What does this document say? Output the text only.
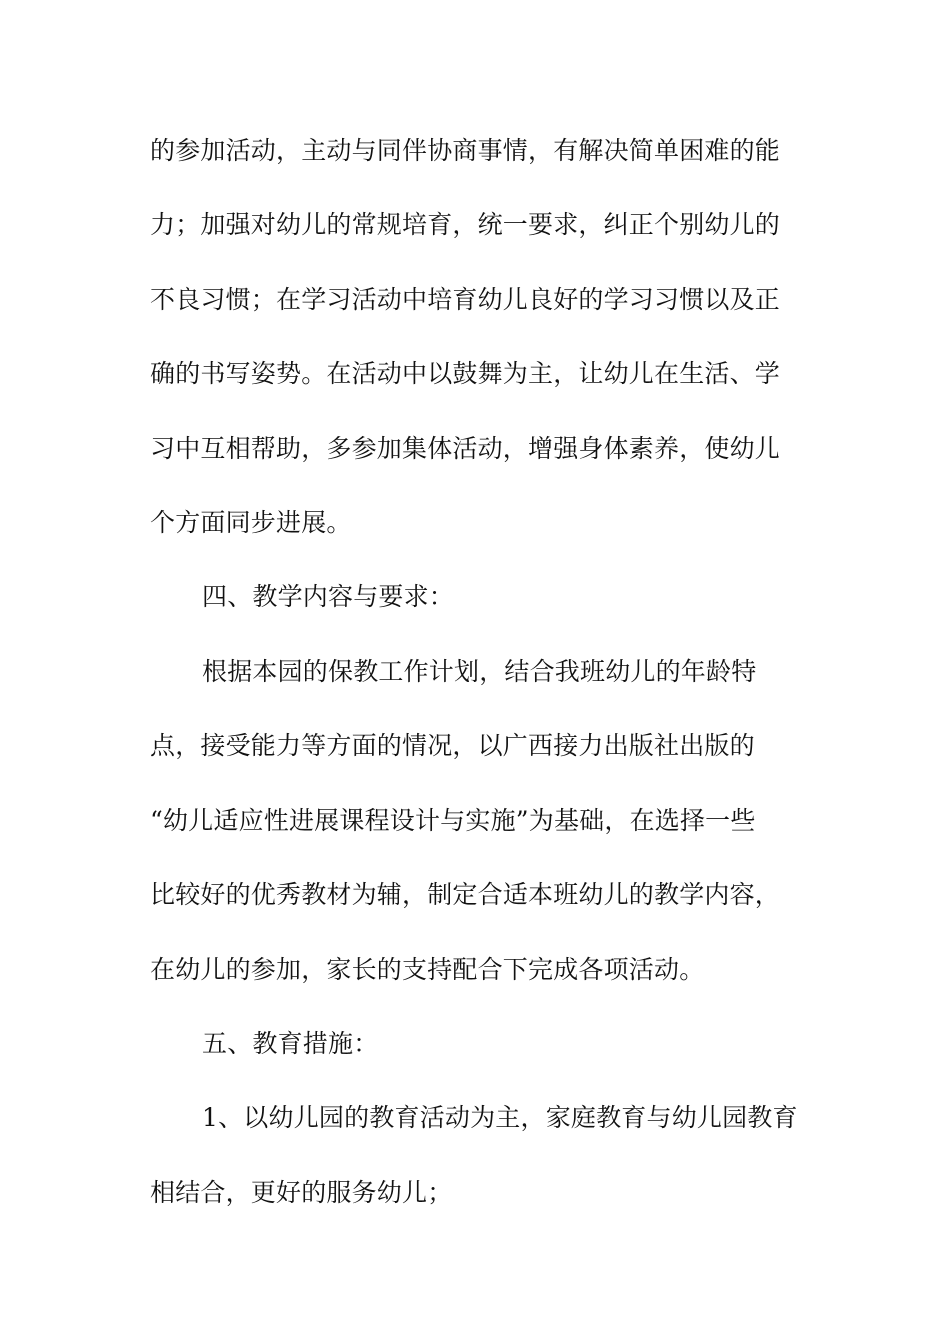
的参加活动，主动与同伴协商事情，有解决简单困难的能
力；加强对幼儿的常规培育，统一要求，纠正个别幼儿的
不良习惯；在学习活动中培育幼儿良好的学习习惯以及正
确的书写姿势。在活动中以鼓舞为主，让幼儿在生活、学
习中互相帮助，多参加集体活动，增强身体素养，使幼儿
个方面同步进展。
四、教学内容与要求：
根据本园的保教工作计划，结合我班幼儿的年龄特
点，接受能力等方面的情况，以广西接力出版社出版的
“幼儿适应性进展课程设计与实施”为基础，在选择一些
比较好的优秀教材为辅，制定合适本班幼儿的教学内容，
在幼儿的参加，家长的支持配合下完成各项活动。
五、教育措施：
1、以幼儿园的教育活动为主，家庭教育与幼儿园教育
相结合，更好的服务幼儿；
